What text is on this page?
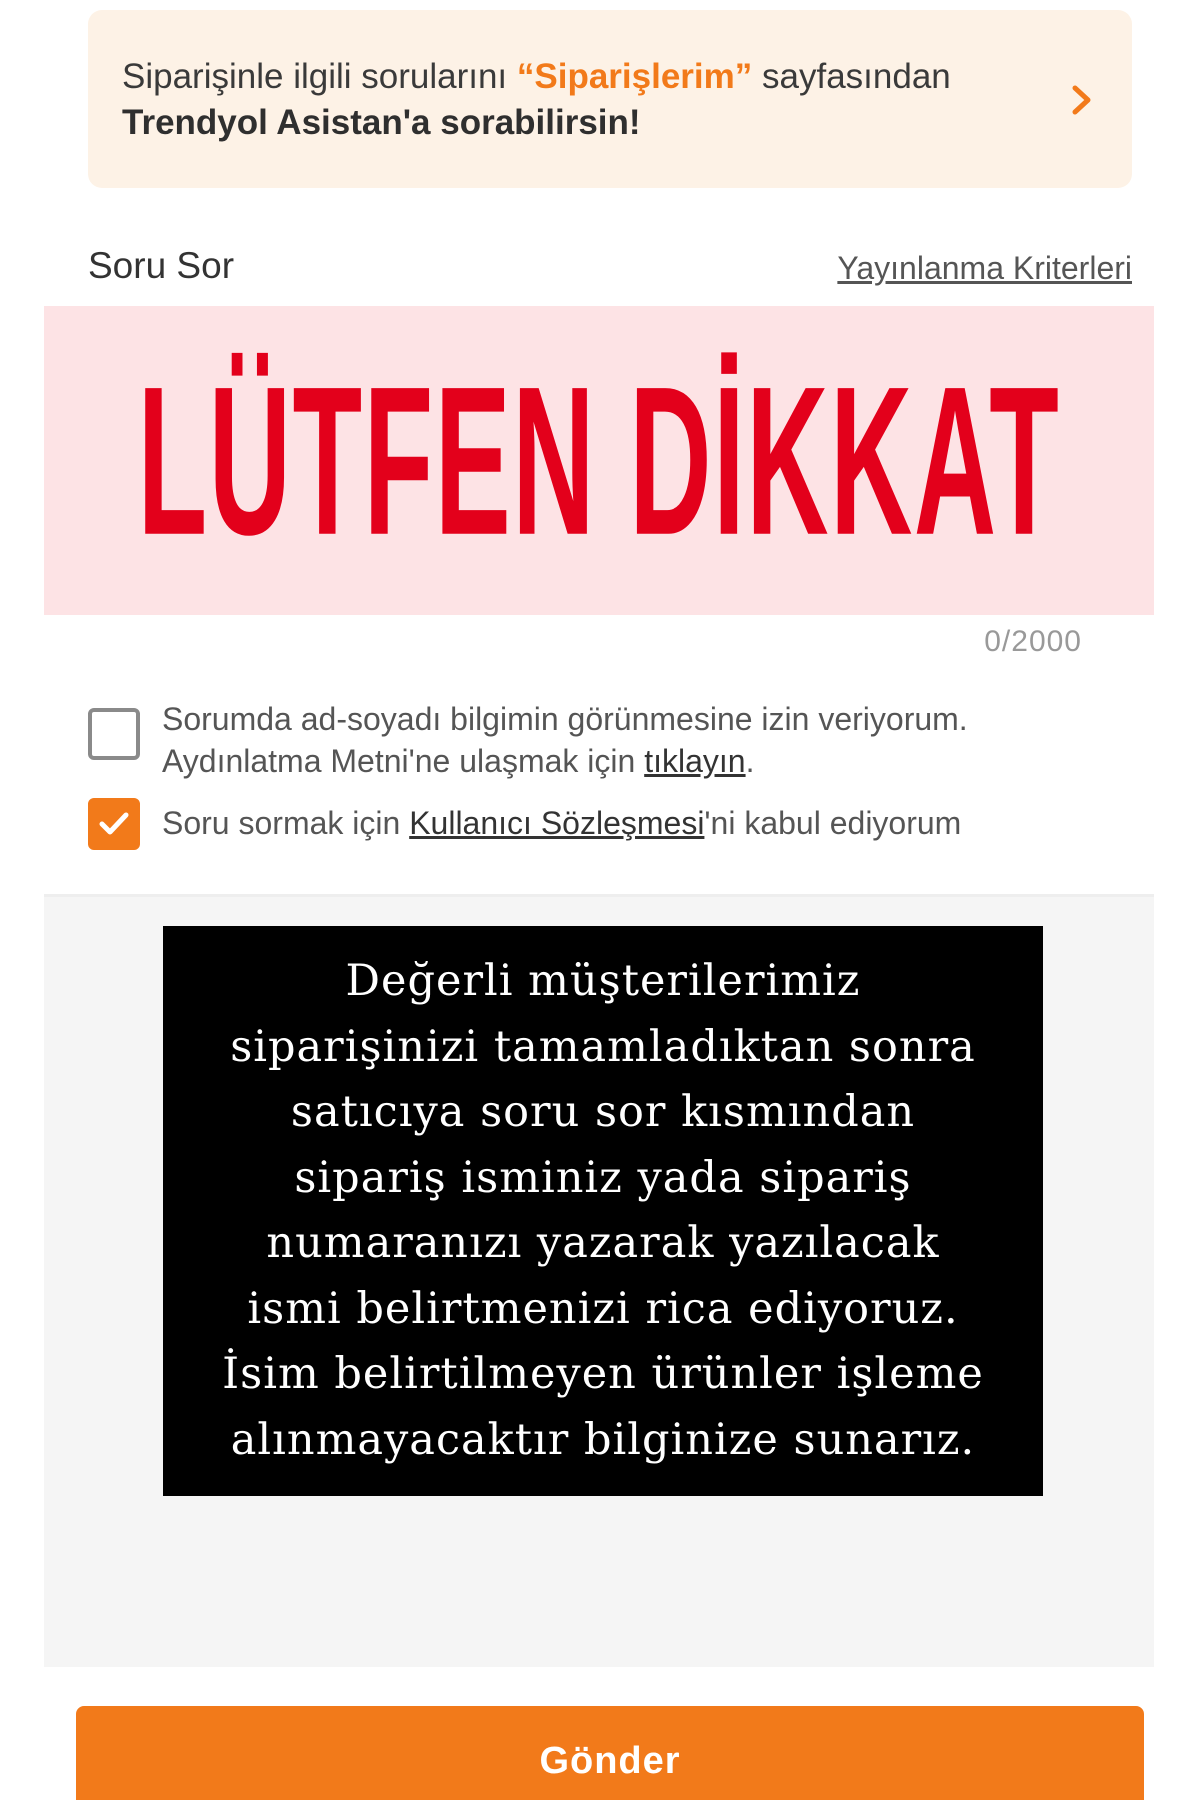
Siparişinle ilgili sorularını “Siparişlerim” sayfasından
Trendyol Asistan'a sorabilirsin!
Soru Sor	Yayınlanma Kriterleri
LÜTFEN DİKKAT
0/2000
Sorumda ad-soyadı bilgimin görünmesine izin veriyorum.
Aydınlatma Metni'ne ulaşmak için tıklayın.
Soru sormak için Kullanıcı Sözleşmesi'ni kabul ediyorum
Değerli müşterilerimiz
siparişinizi tamamladıktan sonra
satıcıya soru sor kısmından
sipariş isminiz yada sipariş
numaranızı yazarak yazılacak
ismi belirtmenizi rica ediyoruz.
İsim belirtilmeyen ürünler işleme
alınmayacaktır bilginize sunarız.
Gönder
